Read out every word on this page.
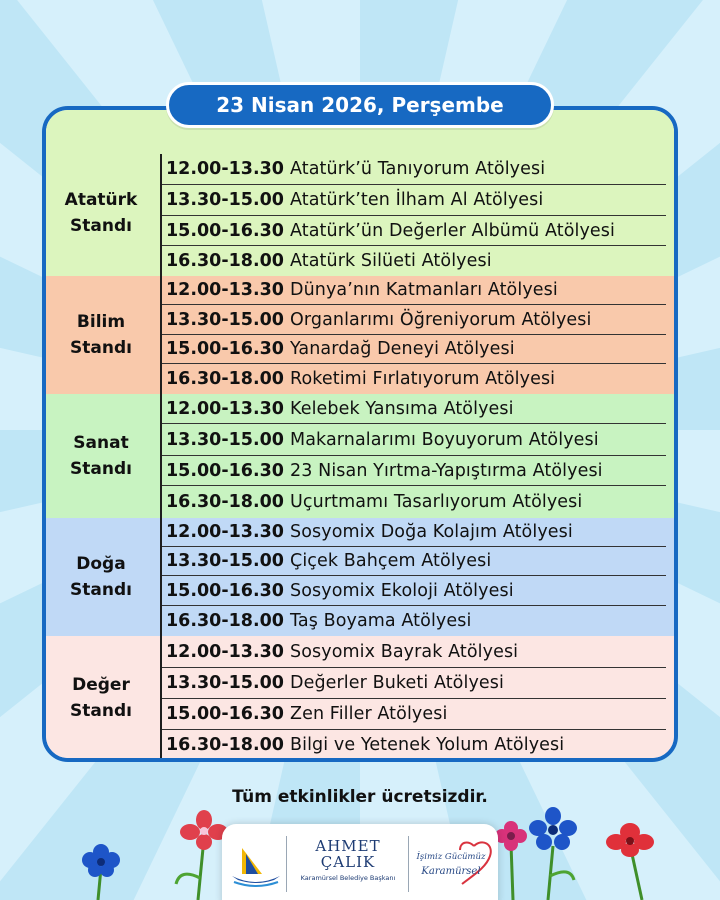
23 Nisan 2026, Perşembe
Atatürk
Standı
12.00-13.30 Atatürk’ü Tanıyorum Atölyesi
13.30-15.00 Atatürk’ten İlham Al Atölyesi
15.00-16.30 Atatürk’ün Değerler Albümü Atölyesi
16.30-18.00 Atatürk Silüeti Atölyesi
Bilim
Standı
12.00-13.30 Dünya’nın Katmanları Atölyesi
13.30-15.00 Organlarımı Öğreniyorum Atölyesi
15.00-16.30 Yanardağ Deneyi Atölyesi
16.30-18.00 Roketimi Fırlatıyorum Atölyesi
Sanat
Standı
12.00-13.30 Kelebek Yansıma Atölyesi
13.30-15.00 Makarnalarımı Boyuyorum Atölyesi
15.00-16.30 23 Nisan Yırtma-Yapıştırma Atölyesi
16.30-18.00 Uçurtmamı Tasarlıyorum Atölyesi
Doğa
Standı
12.00-13.30 Sosyomix Doğa Kolajım Atölyesi
13.30-15.00 Çiçek Bahçem Atölyesi
15.00-16.30 Sosyomix Ekoloji Atölyesi
16.30-18.00 Taş Boyama Atölyesi
Değer
Standı
12.00-13.30 Sosyomix Bayrak Atölyesi
13.30-15.00 Değerler Buketi Atölyesi
15.00-16.30 Zen Filler Atölyesi
16.30-18.00 Bilgi ve Yetenek Yolum Atölyesi
Tüm etkinlikler ücretsizdir.
AHMET
ÇALIK
Karamürsel Belediye Başkanı
İşimiz Gücümüz
Karamürsel
